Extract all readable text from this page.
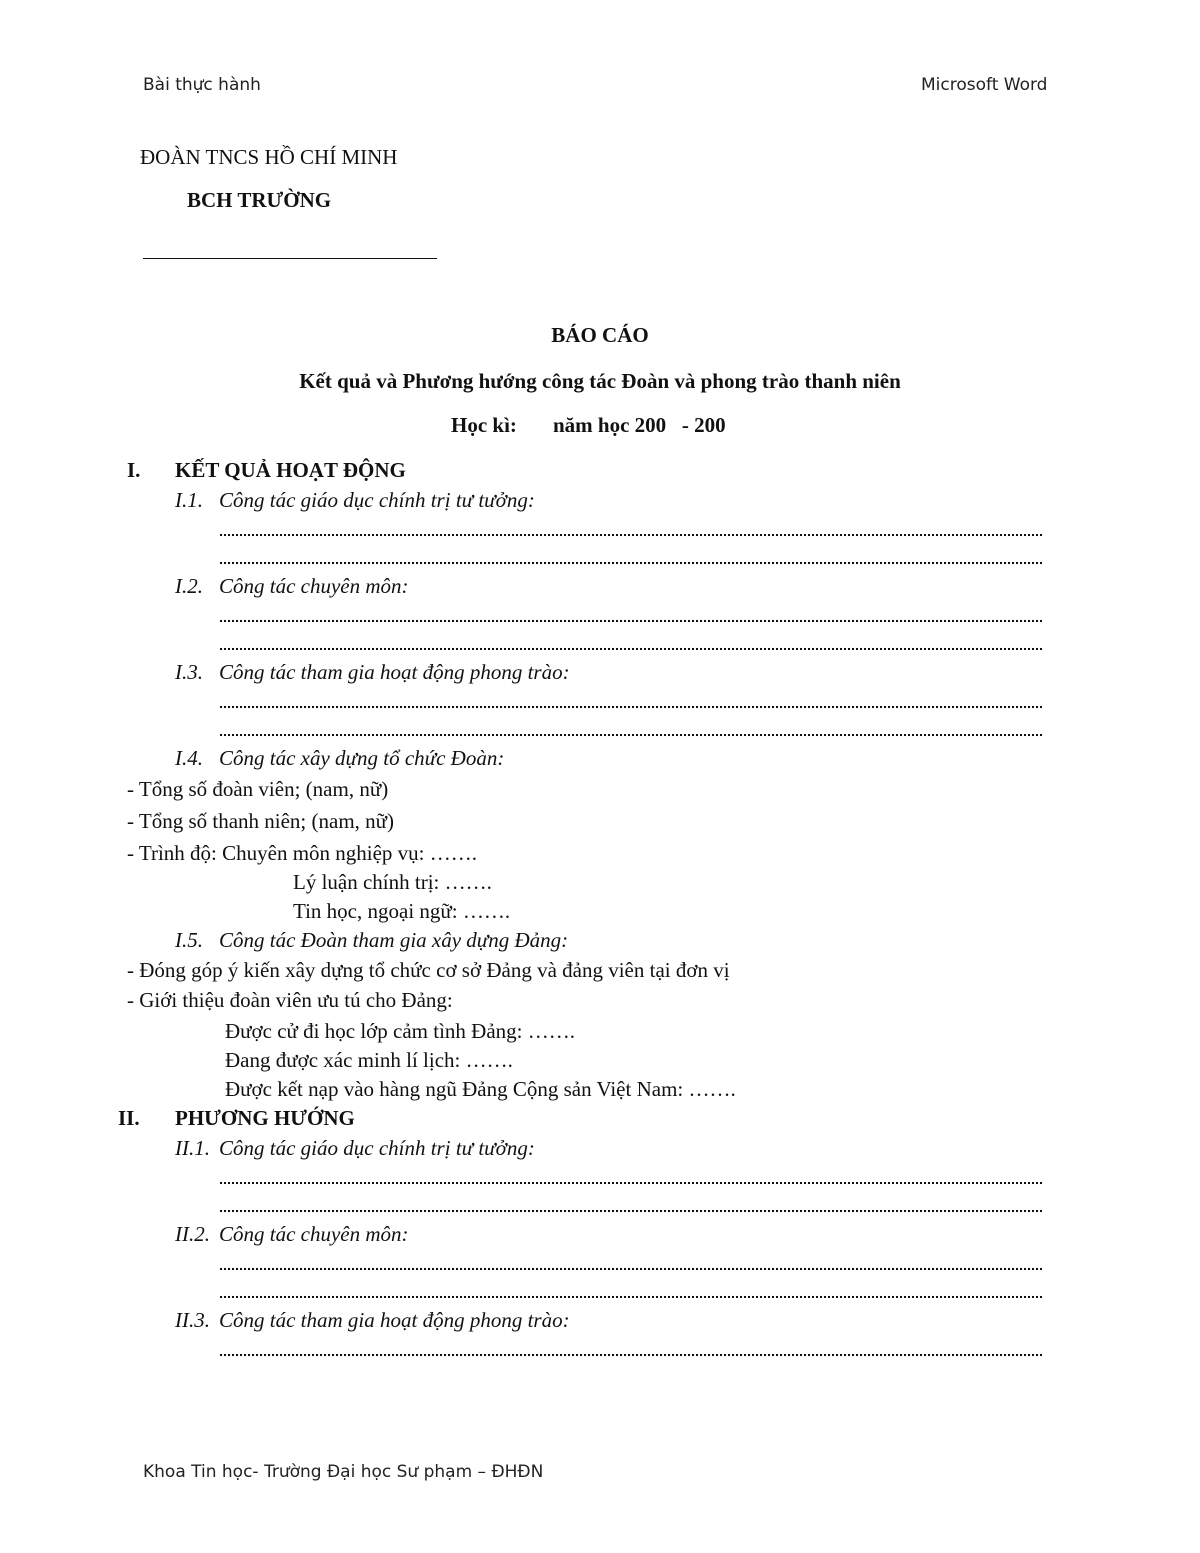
Bài thực hành	Microsoft Word
ĐOÀN TNCS HỒ CHÍ MINH
BCH TRƯỜNG
BÁO CÁO
Kết quả và Phương hướng công tác Đoàn và phong trào thanh niên
Học kì: năm học 200   - 200
I. KẾT QUẢ HOẠT ĐỘNG
I.1. Công tác giáo dục chính trị tư tưởng:
I.2. Công tác chuyên môn:
I.3. Công tác tham gia hoạt động phong trào:
I.4. Công tác xây dựng tổ chức Đoàn:
- Tổng số đoàn viên; (nam, nữ)
- Tổng số thanh niên; (nam, nữ)
- Trình độ: Chuyên môn nghiệp vụ: …….
Lý luận chính trị: …….
Tin học, ngoại ngữ: …….
I.5. Công tác Đoàn tham gia xây dựng Đảng:
- Đóng góp ý kiến xây dựng tổ chức cơ sở Đảng và đảng viên tại đơn vị
- Giới thiệu đoàn viên ưu tú cho Đảng:
Được cử đi học lớp cảm tình Đảng: …….
Đang được xác minh lí lịch: …….
Được kết nạp vào hàng ngũ Đảng Cộng sản Việt Nam: …….
II. PHƯƠNG HƯỚNG
II.1. Công tác giáo dục chính trị tư tưởng:
II.2. Công tác chuyên môn:
II.3. Công tác tham gia hoạt động phong trào:
Khoa Tin học- Trường Đại học Sư phạm – ĐHĐN
